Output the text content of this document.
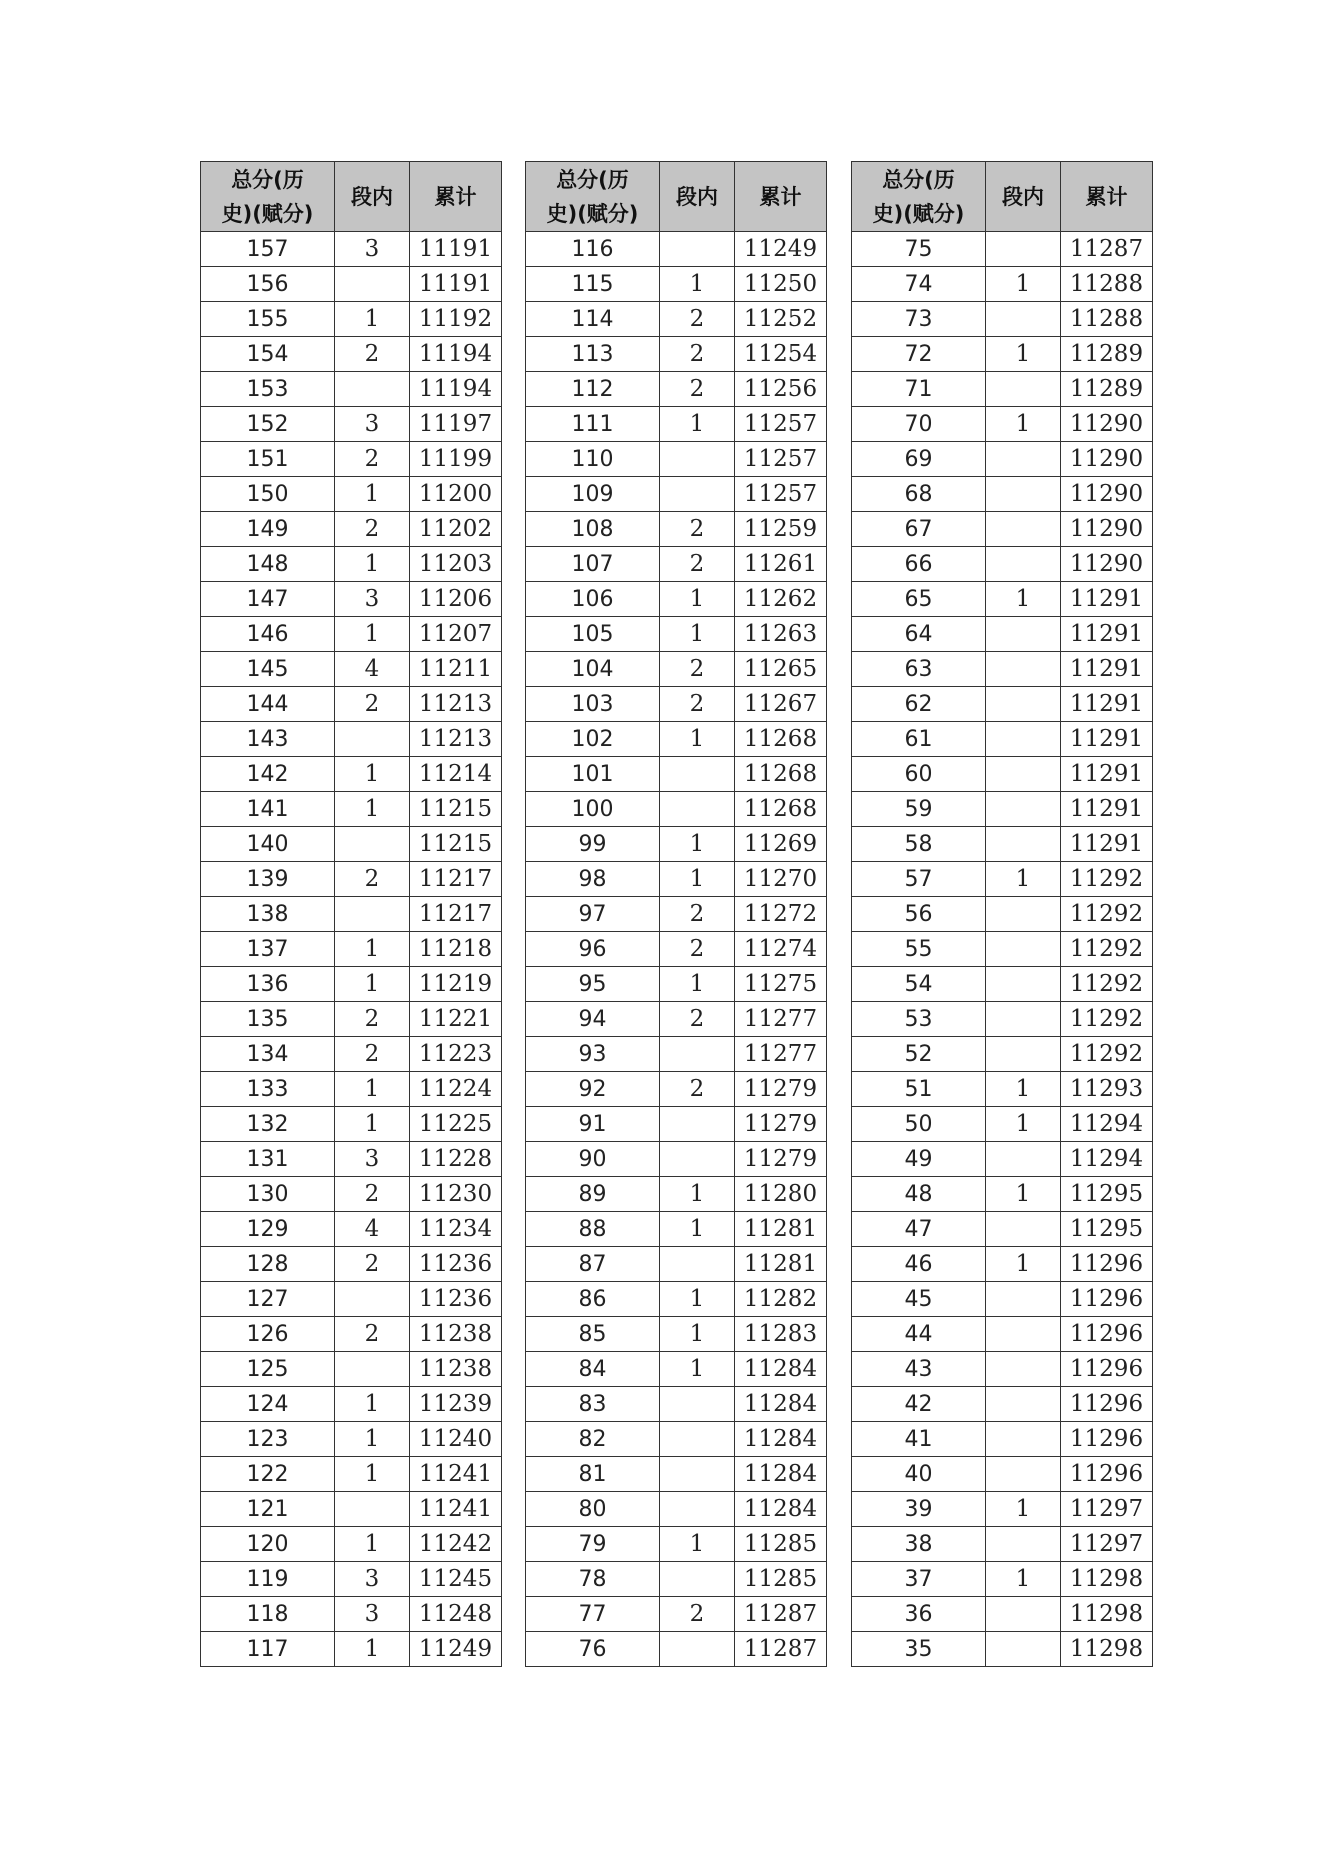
总分(历
史)(赋分)	段内	累计
157	3	11191
156		11191
155	1	11192
154	2	11194
153		11194
152	3	11197
151	2	11199
150	1	11200
149	2	11202
148	1	11203
147	3	11206
146	1	11207
145	4	11211
144	2	11213
143		11213
142	1	11214
141	1	11215
140		11215
139	2	11217
138		11217
137	1	11218
136	1	11219
135	2	11221
134	2	11223
133	1	11224
132	1	11225
131	3	11228
130	2	11230
129	4	11234
128	2	11236
127		11236
126	2	11238
125		11238
124	1	11239
123	1	11240
122	1	11241
121		11241
120	1	11242
119	3	11245
118	3	11248
117	1	11249
总分(历
史)(赋分)	段内	累计
116		11249
115	1	11250
114	2	11252
113	2	11254
112	2	11256
111	1	11257
110		11257
109		11257
108	2	11259
107	2	11261
106	1	11262
105	1	11263
104	2	11265
103	2	11267
102	1	11268
101		11268
100		11268
99	1	11269
98	1	11270
97	2	11272
96	2	11274
95	1	11275
94	2	11277
93		11277
92	2	11279
91		11279
90		11279
89	1	11280
88	1	11281
87		11281
86	1	11282
85	1	11283
84	1	11284
83		11284
82		11284
81		11284
80		11284
79	1	11285
78		11285
77	2	11287
76		11287
总分(历
史)(赋分)	段内	累计
75		11287
74	1	11288
73		11288
72	1	11289
71		11289
70	1	11290
69		11290
68		11290
67		11290
66		11290
65	1	11291
64		11291
63		11291
62		11291
61		11291
60		11291
59		11291
58		11291
57	1	11292
56		11292
55		11292
54		11292
53		11292
52		11292
51	1	11293
50	1	11294
49		11294
48	1	11295
47		11295
46	1	11296
45		11296
44		11296
43		11296
42		11296
41		11296
40		11296
39	1	11297
38		11297
37	1	11298
36		11298
35		11298
